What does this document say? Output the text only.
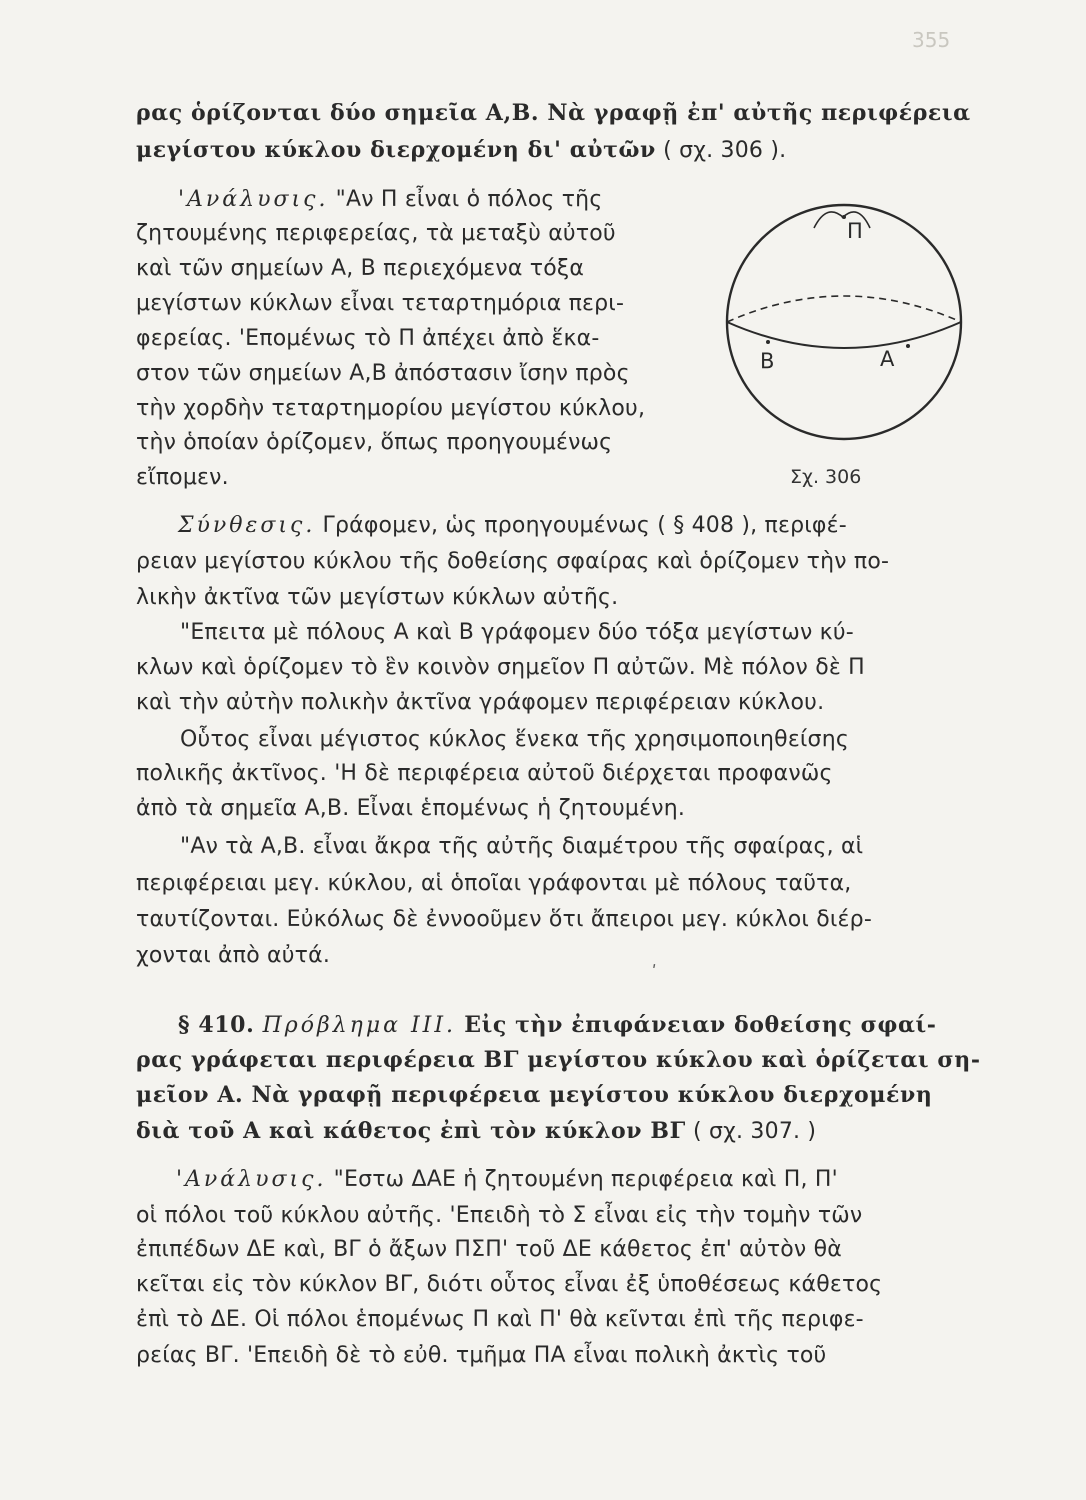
355
ρας ὁρίζονται δύο σημεῖα Α,Β. Νὰ γραφῇ ἐπ' αὐτῆς περιφέρεια
μεγίστου κύκλου διερχομένη δι' αὐτῶν ( σχ. 306 ).
'Ανάλυσις. "Αν Π εἶναι ὁ πόλος τῆς
ζητουμένης περιφερείας, τὰ μεταξὺ αὐτοῦ
καὶ τῶν σημείων Α, Β περιεχόμενα τόξα
μεγίστων κύκλων εἶναι τεταρτημόρια περι-
φερείας. 'Επομένως τὸ Π ἀπέχει ἀπὸ ἕκα-
στον τῶν σημείων Α,Β ἀπόστασιν ἴσην πρὸς
τὴν χορδὴν τεταρτημορίου μεγίστου κύκλου,
τὴν ὁποίαν ὁρίζομεν, ὅπως προηγουμένως
εἴπομεν.
Σύνθεσις. Γράφομεν, ὡς προηγουμένως ( § 408 ), περιφέ-
ρειαν μεγίστου κύκλου τῆς δοθείσης σφαίρας καὶ ὁρίζομεν τὴν πο-
λικὴν ἀκτῖνα τῶν μεγίστων κύκλων αὐτῆς.
"Επειτα μὲ πόλους Α καὶ Β γράφομεν δύο τόξα μεγίστων κύ-
κλων καὶ ὁρίζομεν τὸ ἓν κοινὸν σημεῖον Π αὐτῶν. Μὲ πόλον δὲ Π
καὶ τὴν αὐτὴν πολικὴν ἀκτῖνα γράφομεν περιφέρειαν κύκλου.
Οὗτος εἶναι μέγιστος κύκλος ἕνεκα τῆς χρησιμοποιηθείσης
πολικῆς ἀκτῖνος. 'Η δὲ περιφέρεια αὐτοῦ διέρχεται προφανῶς
ἀπὸ τὰ σημεῖα Α,Β. Εἶναι ἑπομένως ἡ ζητουμένη.
"Αν τὰ Α,Β. εἶναι ἄκρα τῆς αὐτῆς διαμέτρου τῆς σφαίρας, αἱ
περιφέρειαι μεγ. κύκλου, αἱ ὁποῖαι γράφονται μὲ πόλους ταῦτα,
ταυτίζονται. Εὐκόλως δὲ ἐννοοῦμεν ὅτι ἄπειροι μεγ. κύκλοι διέρ-
χονται ἀπὸ αὐτά.
§ 410. Πρόβλημα ΙΙΙ. Εἰς τὴν ἐπιφάνειαν δοθείσης σφαί-
ρας γράφεται περιφέρεια ΒΓ μεγίστου κύκλου καὶ ὁρίζεται ση-
μεῖον Α. Νὰ γραφῇ περιφέρεια μεγίστου κύκλου διερχομένη
διὰ τοῦ Α καὶ κάθετος ἐπὶ τὸν κύκλον ΒΓ ( σχ. 307. )
'Ανάλυσις. "Εστω ΔΑΕ ἡ ζητουμένη περιφέρεια καὶ Π, Π'
οἱ πόλοι τοῦ κύκλου αὐτῆς. 'Επειδὴ τὸ Σ εἶναι εἰς τὴν τομὴν τῶν
ἐπιπέδων ΔΕ καὶ, ΒΓ ὁ ἄξων ΠΣΠ' τοῦ ΔΕ κάθετος ἐπ' αὐτὸν θὰ
κεῖται εἰς τὸν κύκλον ΒΓ, διότι οὗτος εἶναι ἐξ ὑποθέσεως κάθετος
ἐπὶ τὸ ΔΕ. Οἱ πόλοι ἑπομένως Π καὶ Π' θὰ κεῖνται ἐπὶ τῆς περιφε-
ρείας ΒΓ. 'Επειδὴ δὲ τὸ εὐθ. τμῆμα ΠΑ εἶναι πολικὴ ἀκτὶς τοῦ
Π
Β	Α
Σχ. 306
ʹ
